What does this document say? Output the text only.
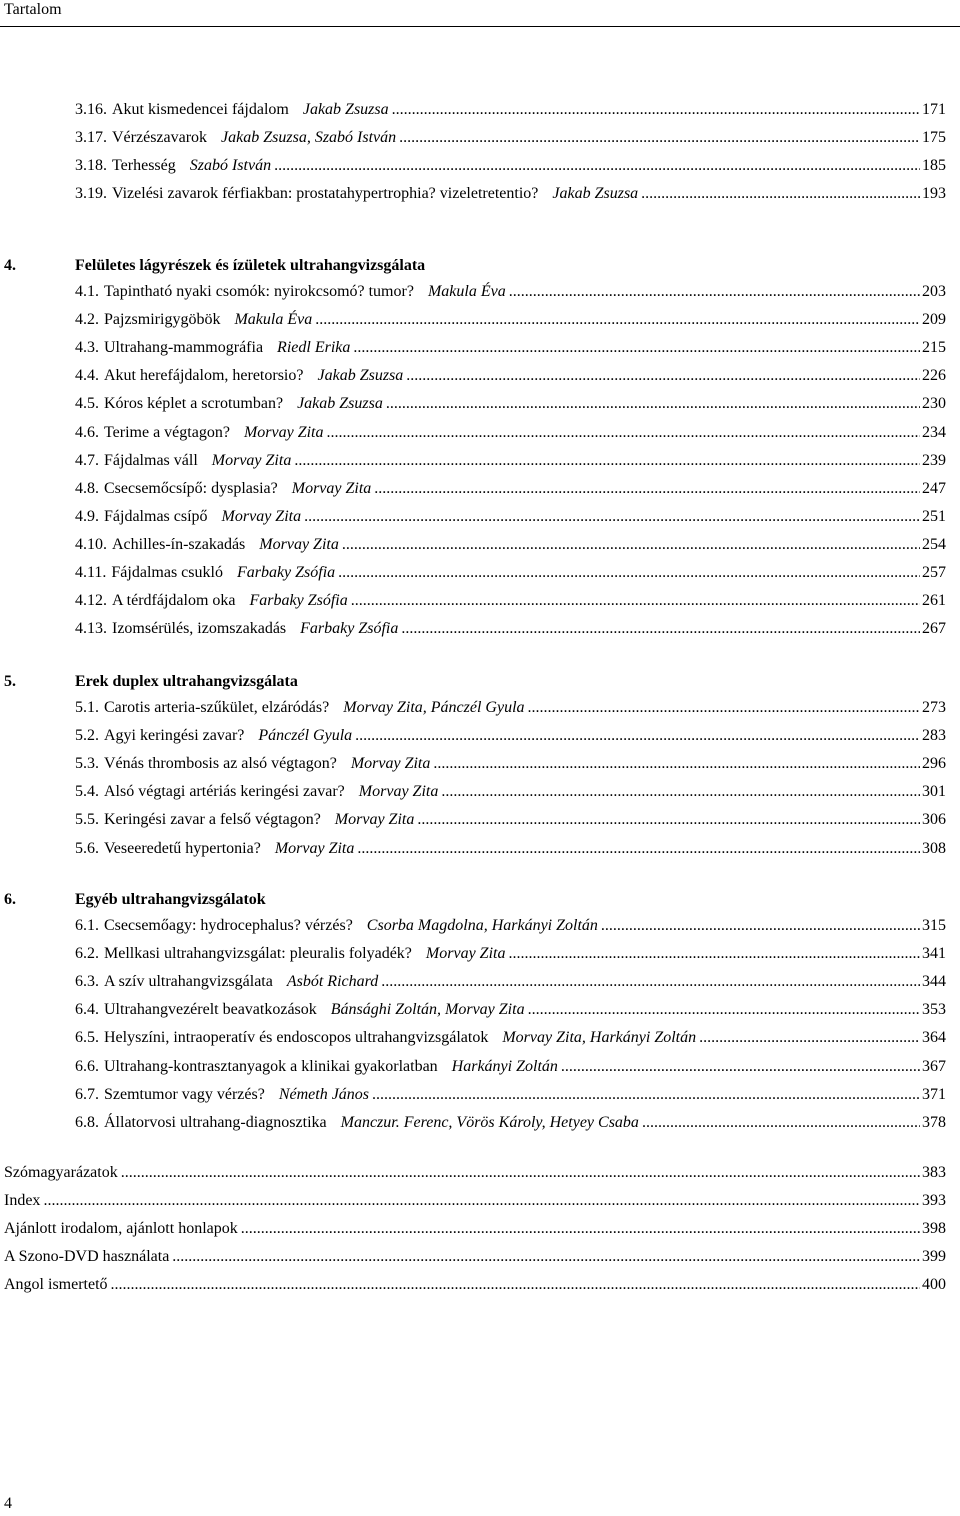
Tartalom
3.16. Akut kismedencei fájdalom Jakab Zsuzsa .....	171
3.17. Vérzészavarok Jakab Zsuzsa, Szabó István .....	175
3.18. Terhesség Szabó István .....	185
3.19. Vizelési zavarok férfiakban: prostatahypertrophia? vizeletretentio? Jakab Zsuzsa .....	193
4.	Felületes lágyrészek és ízületek ultrahangvizsgálata
4.1. Tapintható nyaki csomók: nyirokcsomó? tumor? Makula Éva .....	203
4.2. Pajzsmirigygöbök Makula Éva .....	209
4.3. Ultrahang-mammográfia Riedl Erika .....	215
4.4. Akut herefájdalom, heretorsio? Jakab Zsuzsa .....	226
4.5. Kóros képlet a scrotumban? Jakab Zsuzsa .....	230
4.6. Terime a végtagon? Morvay Zita .....	234
4.7. Fájdalmas váll Morvay Zita .....	239
4.8. Csecsemőcsípő: dysplasia? Morvay Zita .....	247
4.9. Fájdalmas csípő Morvay Zita .....	251
4.10. Achilles-ín-szakadás Morvay Zita .....	254
4.11. Fájdalmas csukló Farbaky Zsófia .....	257
4.12. A térdfájdalom oka Farbaky Zsófia .....	261
4.13. Izomsérülés, izomszakadás Farbaky Zsófia .....	267
5.	Erek duplex ultrahangvizsgálata
5.1. Carotis arteria-szűkület, elzáródás? Morvay Zita, Pánczél Gyula .....	273
5.2. Agyi keringési zavar? Pánczél Gyula .....	283
5.3. Vénás thrombosis az alsó végtagon? Morvay Zita .....	296
5.4. Alsó végtagi artériás keringési zavar? Morvay Zita .....	301
5.5. Keringési zavar a felső végtagon? Morvay Zita .....	306
5.6. Veseeredetű hypertonia? Morvay Zita .....	308
6.	Egyéb ultrahangvizsgálatok
6.1. Csecsemőagy: hydrocephalus? vérzés? Csorba Magdolna, Harkányi Zoltán .....	315
6.2. Mellkasi ultrahangvizsgálat: pleuralis folyadék? Morvay Zita .....	341
6.3. A szív ultrahangvizsgálata Asbót Richard .....	344
6.4. Ultrahangvezérelt beavatkozások Bánsághi Zoltán, Morvay Zita .....	353
6.5. Helyszíni, intraoperatív és endoscopos ultrahangvizsgálatok Morvay Zita, Harkányi Zoltán .....	364
6.6. Ultrahang-kontrasztanyagok a klinikai gyakorlatban Harkányi Zoltán .....	367
6.7. Szemtumor vagy vérzés? Németh János .....	371
6.8. Állatorvosi ultrahang-diagnosztika Manczur. Ferenc, Vörös Károly, Hetyey Csaba .....	378
Szómagyarázatok .....	383
Index .....	393
Ajánlott irodalom, ajánlott honlapok .....	398
A Szono-DVD használata .....	399
Angol ismertető .....	400
4
